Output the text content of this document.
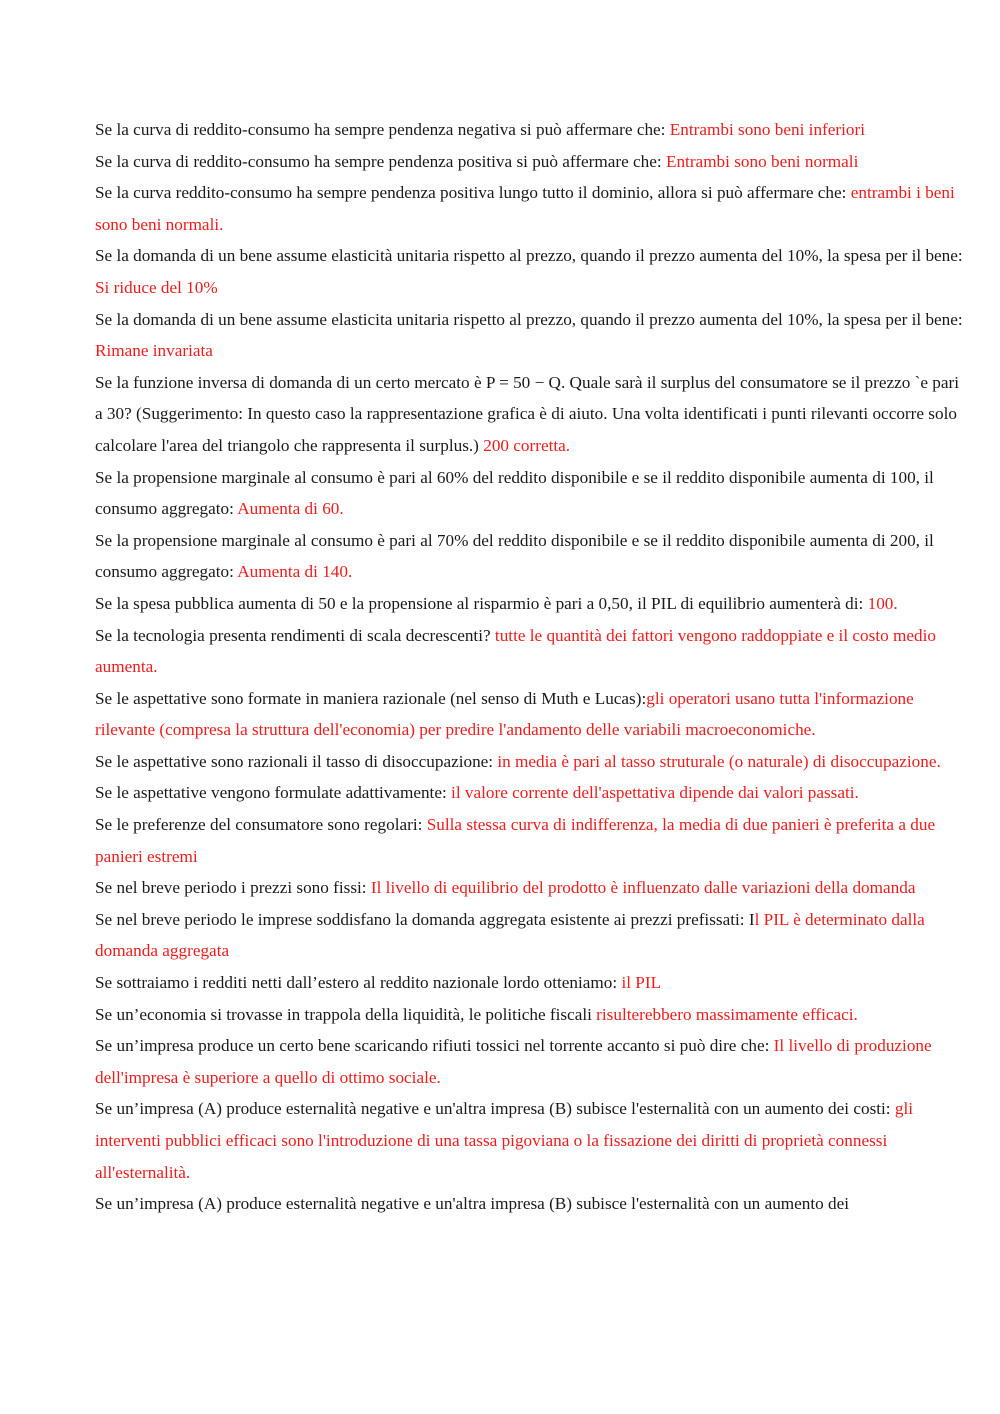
Se la curva di reddito-consumo ha sempre pendenza negativa si può affermare che: Entrambi sono beni inferiori

Se la curva di reddito-consumo ha sempre pendenza positiva si può affermare che: Entrambi sono beni normali

Se la curva reddito-consumo ha sempre pendenza positiva lungo tutto il dominio, allora si può affermare che: entrambi i beni sono beni normali.

Se la domanda di un bene assume elasticità unitaria rispetto al prezzo, quando il prezzo aumenta del 10%, la spesa per il bene: Si riduce del 10%

Se la domanda di un bene assume elasticita unitaria rispetto al prezzo, quando il prezzo aumenta del 10%, la spesa per il bene: Rimane invariata

Se la funzione inversa di domanda di un certo mercato è P = 50 − Q. Quale sarà il surplus del consumatore se il prezzo `e pari a 30? (Suggerimento: In questo caso la rappresentazione grafica è di aiuto. Una volta identificati i punti rilevanti occorre solo calcolare l'area del triangolo che rappresenta il surplus.) 200 corretta.

Se la propensione marginale al consumo è pari al 60% del reddito disponibile e se il reddito disponibile aumenta di 100, il consumo aggregato: Aumenta di 60.

Se la propensione marginale al consumo è pari al 70% del reddito disponibile e se il reddito disponibile aumenta di 200, il consumo aggregato: Aumenta di 140.

Se la spesa pubblica aumenta di 50 e la propensione al risparmio è pari a 0,50, il PIL di equilibrio aumenterà di: 100.

Se la tecnologia presenta rendimenti di scala decrescenti? tutte le quantità dei fattori vengono raddoppiate e il costo medio aumenta.

Se le aspettative sono formate in maniera razionale (nel senso di Muth e Lucas):gli operatori usano tutta l'informazione rilevante (compresa la struttura dell'economia) per predire l'andamento delle variabili macroeconomiche.

Se le aspettative sono razionali il tasso di disoccupazione: in media è pari al tasso struturale (o naturale) di disoccupazione.

Se le aspettative vengono formulate adattivamente: il valore corrente dell'aspettativa dipende dai valori passati.

Se le preferenze del consumatore sono regolari: Sulla stessa curva di indifferenza, la media di due panieri è preferita a due panieri estremi

Se nel breve periodo i prezzi sono fissi: Il livello di equilibrio del prodotto è influenzato dalle variazioni della domanda

Se nel breve periodo le imprese soddisfano la domanda aggregata esistente ai prezzi prefissati: Il PIL è determinato dalla domanda aggregata

Se sottraiamo i redditi netti dall’estero al reddito nazionale lordo otteniamo: il PIL

Se un’economia si trovasse in trappola della liquidità, le politiche fiscali risulterebbero massimamente efficaci.

Se un’impresa produce un certo bene scaricando rifiuti tossici nel torrente accanto si può dire che: Il livello di produzione dell'impresa è superiore a quello di ottimo sociale.

Se un’impresa (A) produce esternalità negative e un'altra impresa (B) subisce l'esternalità con un aumento dei costi: gli interventi pubblici efficaci sono l'introduzione di una tassa pigoviana o la fissazione dei diritti di proprietà connessi all'esternalità.

Se un’impresa (A) produce esternalità negative e un'altra impresa (B) subisce l'esternalità con un aumento dei
